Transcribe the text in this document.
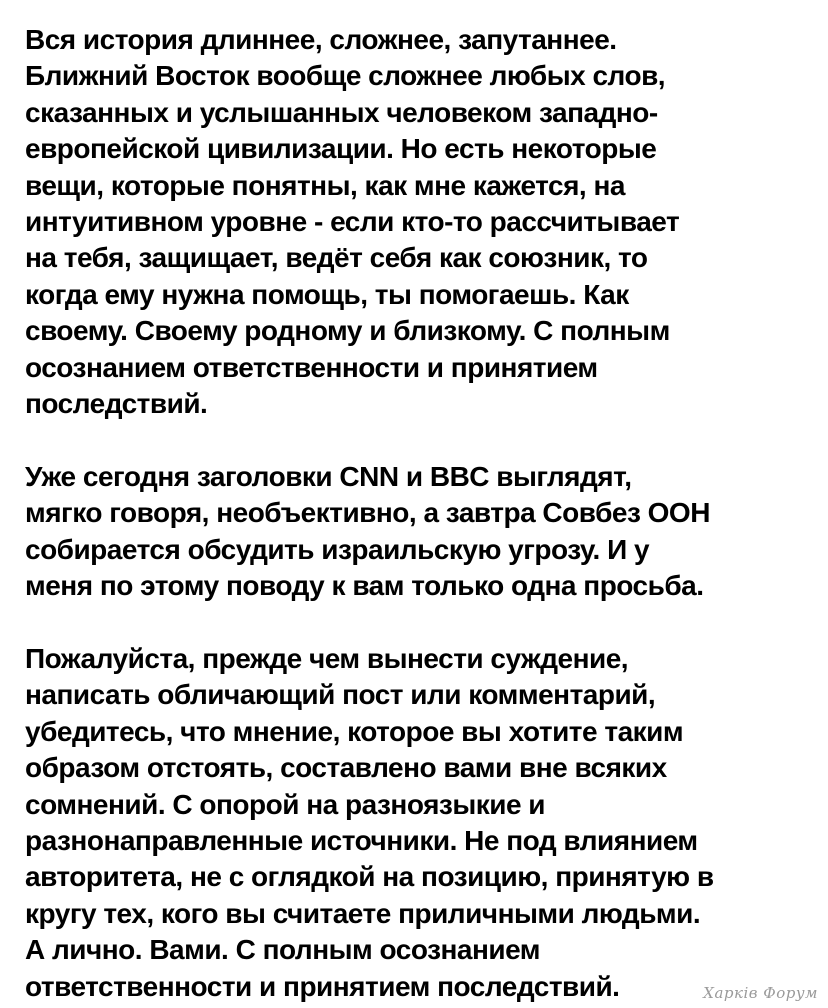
Вся история длиннее, сложнее, запутаннее.
Ближний Восток вообще сложнее любых слов,
сказанных и услышанных человеком западно-
европейской цивилизации. Но есть некоторые
вещи, которые понятны, как мне кажется, на
интуитивном уровне - если кто-то рассчитывает
на тебя, защищает, ведёт себя как союзник, то
когда ему нужна помощь, ты помогаешь. Как
своему. Своему родному и близкому. С полным
осознанием ответственности и принятием
последствий.

Уже сегодня заголовки CNN и BBC выглядят,
мягко говоря, необъективно, а завтра Совбез ООН
собирается обсудить израильскую угрозу. И у
меня по этому поводу к вам только одна просьба.

Пожалуйста, прежде чем вынести суждение,
написать обличающий пост или комментарий,
убедитесь, что мнение, которое вы хотите таким
образом отстоять, составлено вами вне всяких
сомнений. С опорой на разноязыкие и
разнонаправленные источники. Не под влиянием
авторитета, не с оглядкой на позицию, принятую в
кругу тех, кого вы считаете приличными людьми.
А лично. Вами. С полным осознанием
ответственности и принятием последствий.	Харків Форум
